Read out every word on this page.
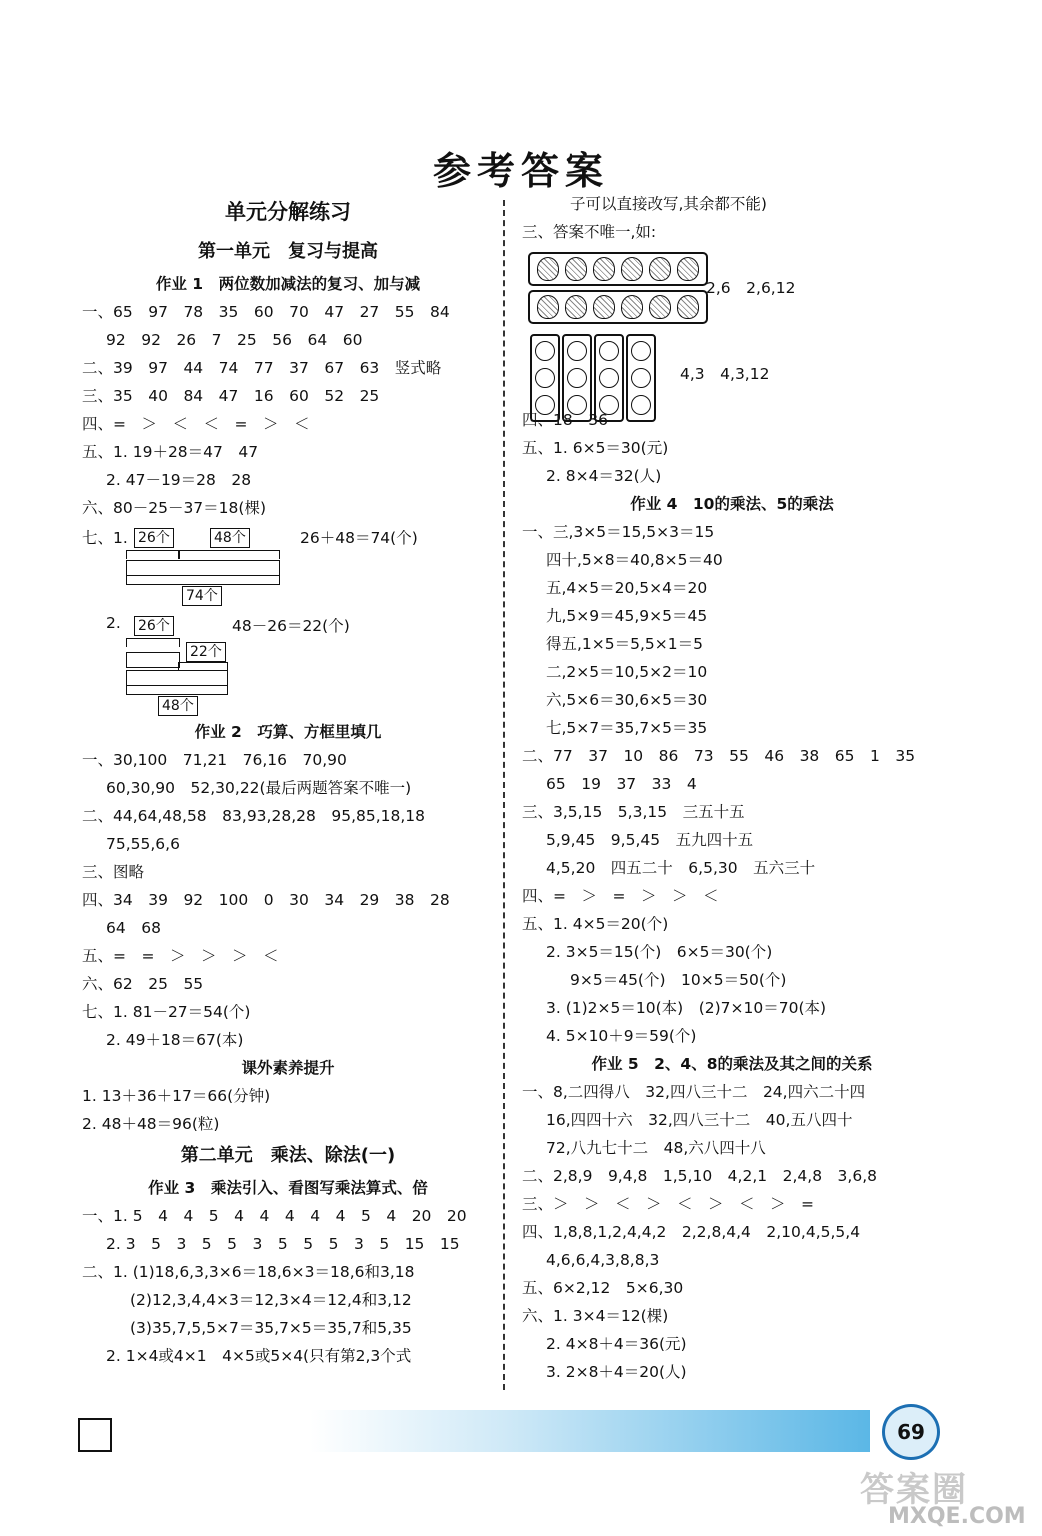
参考答案
单元分解练习
第一单元　复习与提高
作业 1　两位数加减法的复习、加与减
一、65　97　78　35　60　70　47　27　55　84
92　92　26　7　25　56　64　60
二、39　97　44　74　77　37　67　63　竖式略
三、35　40　84　47　16　60　52　25
四、=　＞　＜　＜　=　＞　＜
五、1. 19＋28＝47　47
2. 47－19＝28　28
六、80－25－37＝18(棵)
七、1. 26个	48个	26＋48＝74(个)
74个
2. 26个	48－26＝22(个)
22个
48个
作业 2　巧算、方框里填几
一、30,100　71,21　76,16　70,90
60,30,90　52,30,22(最后两题答案不唯一)
二、44,64,48,58　83,93,28,28　95,85,18,18
75,55,6,6
三、图略
四、34　39　92　100　0　30　34　29　38　28
64　68
五、=　=　＞　＞　＞　＜
六、62　25　55
七、1. 81－27＝54(个)
2. 49＋18＝67(本)
课外素养提升
1. 13＋36＋17＝66(分钟)
2. 48＋48＝96(粒)
第二单元　乘法、除法(一)
作业 3　乘法引入、看图写乘法算式、倍
一、1. 5　4　4　5　4　4　4　4　4　5　4　20　20
2. 3　5　3　5　5　3　5　5　5　3　5　15　15
二、1. (1)18,6,3,3×6＝18,6×3＝18,6和3,18
(2)12,3,4,4×3＝12,3×4＝12,4和3,12
(3)35,7,5,5×7＝35,7×5＝35,7和5,35
2. 1×4或4×1　4×5或5×4(只有第2,3个式
子可以直接改写,其余都不能)
三、答案不唯一,如:
2,6　2,6,12
4,3　4,3,12
四、18　36
五、1. 6×5＝30(元)
2. 8×4＝32(人)
作业 4　10的乘法、5的乘法
一、三,3×5＝15,5×3＝15
四十,5×8＝40,8×5＝40
五,4×5＝20,5×4＝20
九,5×9＝45,9×5＝45
得五,1×5＝5,5×1＝5
二,2×5＝10,5×2＝10
六,5×6＝30,6×5＝30
七,5×7＝35,7×5＝35
二、77　37　10　86　73　55　46　38　65　1　35
65　19　37　33　4
三、3,5,15　5,3,15　三五十五
5,9,45　9,5,45　五九四十五
4,5,20　四五二十　6,5,30　五六三十
四、=　＞　=　＞　＞　＜
五、1. 4×5＝20(个)
2. 3×5＝15(个)　6×5＝30(个)
9×5＝45(个)　10×5＝50(个)
3. (1)2×5＝10(本)　(2)7×10＝70(本)
4. 5×10＋9＝59(个)
作业 5　2、4、8的乘法及其之间的关系
一、8,二四得八　32,四八三十二　24,四六二十四
16,四四十六　32,四八三十二　40,五八四十
72,八九七十二　48,六八四十八
二、2,8,9　9,4,8　1,5,10　4,2,1　2,4,8　3,6,8
三、＞　＞　＜　＞　＜　＞　＜　＞　=
四、1,8,8,1,2,4,4,2　2,2,8,4,4　2,10,4,5,5,4
4,6,6,4,3,8,8,3
五、6×2,12　5×6,30
六、1. 3×4＝12(棵)
2. 4×8＋4＝36(元)
3. 2×8＋4＝20(人)
69
答案圈
MXQE.COM
